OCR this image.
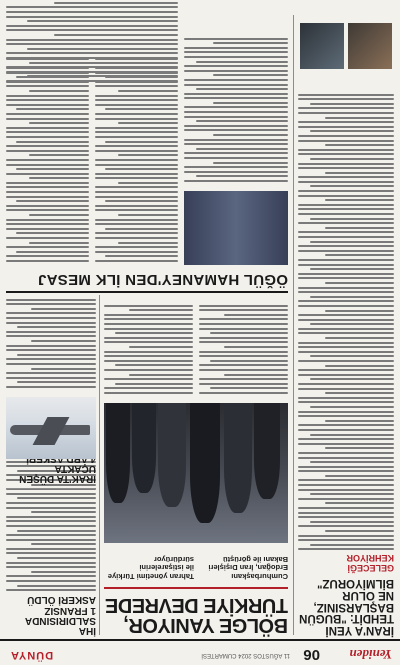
Yeniden
06
11 AĞUSTOS 2024 CUMARTESİ
DÜNYA

İRAN'A YENİ TEHDİT: "BUGÜN BAŞLARSINIZ, NE OLUR BİLMİYORUZ"

GELECEĞİ KEHRİYOR

BÖLGE YANIYOR,

TÜRKİYE DEVREDE

Cumhurbaşkanı Erdoğan, İran Dışişleri Bakanı ile görüştü

Tahran yönetimi Türkiye ile istişarelerini sürdürüyor

İHA SALDIRISINDA

1 FRANSIZ ASKERİ ÖLDÜ

IRAK'TA DÜŞEN UÇAKTA

ÖĞÜL HAMANEY'DEN İLK MESAJ
